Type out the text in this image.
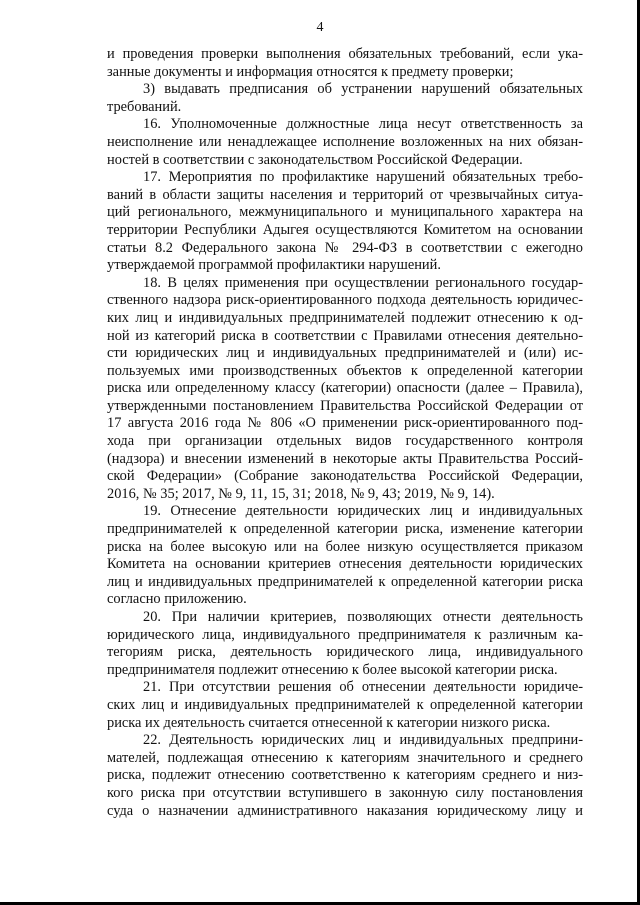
4

и проведения проверки выполнения обязательных требований, если ука-
занные документы и информация относятся к предмету проверки;

3) выдавать предписания об устранении нарушений обязательных
требований.

16. Уполномоченные должностные лица несут ответственность за
неисполнение или ненадлежащее исполнение возложенных на них обязан-
ностей в соответствии с законодательством Российской Федерации.

17. Мероприятия по профилактике нарушений обязательных требо-
ваний в области защиты населения и территорий от чрезвычайных ситуа-
ций регионального, межмуниципального и муниципального характера на
территории Республики Адыгея осуществляются Комитетом на основании
статьи 8.2 Федерального закона № 294-ФЗ в соответствии с ежегодно
утверждаемой программой профилактики нарушений.

18. В целях применения при осуществлении регионального государ-
ственного надзора риск-ориентированного подхода деятельность юридичес-
ких лиц и индивидуальных предпринимателей подлежит отнесению к од-
ной из категорий риска в соответствии с Правилами отнесения деятельно-
сти юридических лиц и индивидуальных предпринимателей и (или) ис-
пользуемых ими производственных объектов к определенной категории
риска или определенному классу (категории) опасности (далее – Правила),
утвержденными постановлением Правительства Российской Федерации от
17 августа 2016 года № 806 «О применении риск-ориентированного под-
хода при организации отдельных видов государственного контроля
(надзора) и внесении изменений в некоторые акты Правительства Россий-
ской Федерации» (Собрание законодательства Российской Федерации,
2016, № 35; 2017, № 9, 11, 15, 31; 2018, № 9, 43; 2019, № 9, 14).

19. Отнесение деятельности юридических лиц и индивидуальных
предпринимателей к определенной категории риска, изменение категории
риска на более высокую или на более низкую осуществляется приказом
Комитета на основании критериев отнесения деятельности юридических
лиц и индивидуальных предпринимателей к определенной категории риска
согласно приложению.

20. При наличии критериев, позволяющих отнести деятельность
юридического лица, индивидуального предпринимателя к различным ка-
тегориям риска, деятельность юридического лица, индивидуального
предпринимателя подлежит отнесению к более высокой категории риска.

21. При отсутствии решения об отнесении деятельности юридиче-
ских лиц и индивидуальных предпринимателей к определенной категории
риска их деятельность считается отнесенной к категории низкого риска.

22. Деятельность юридических лиц и индивидуальных предприни-
мателей, подлежащая отнесению к категориям значительного и среднего
риска, подлежит отнесению соответственно к категориям среднего и низ-
кого риска при отсутствии вступившего в законную силу постановления
суда о назначении административного наказания юридическому лицу и
